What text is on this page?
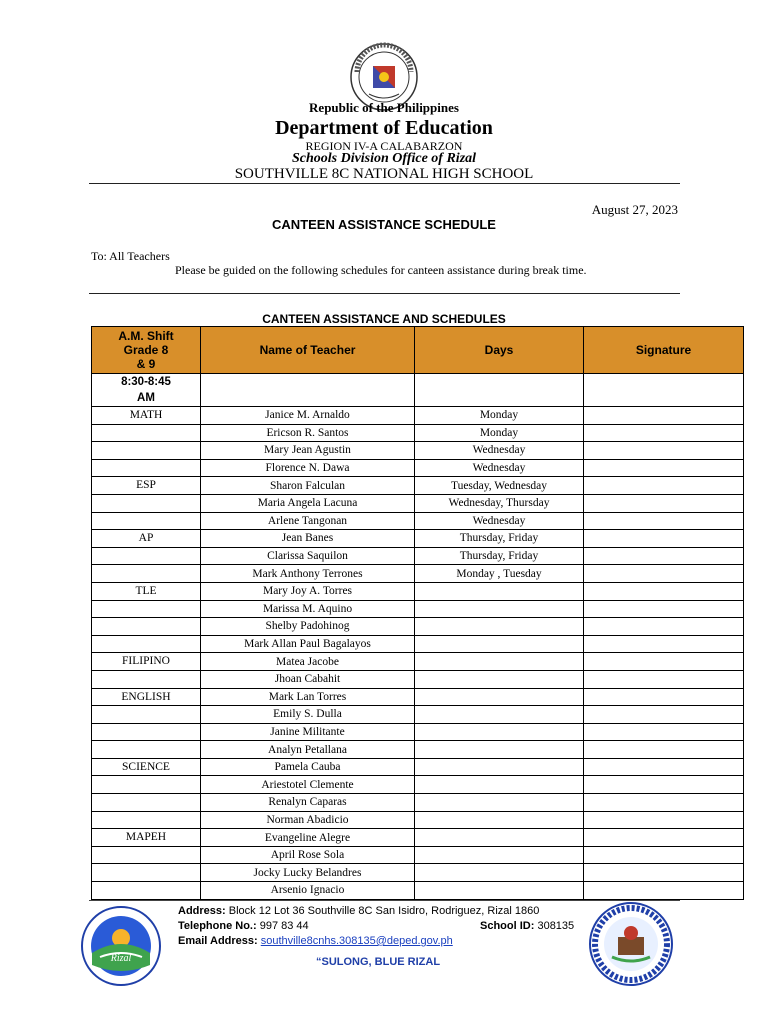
Republic of the Philippines
Department of Education
REGION IV-A CALABARZON
Schools Division Office of Rizal
SOUTHVILLE 8C NATIONAL HIGH SCHOOL
August 27, 2023
CANTEEN ASSISTANCE SCHEDULE
To: All Teachers
Please be guided on the following schedules for canteen assistance during break time.
CANTEEN ASSISTANCE AND SCHEDULES
A.M. Shift
Grade 8
& 9	Name of Teacher	Days	Signature
8:30-8:45
AM			
MATH	Janice M. Arnaldo	Monday	
	Ericson R. Santos	Monday	
	Mary Jean Agustin	Wednesday	
	Florence N. Dawa	Wednesday	
ESP	Sharon Falculan	Tuesday, Wednesday	
	Maria Angela Lacuna	Wednesday, Thursday	
	Arlene Tangonan	Wednesday	
AP	Jean Banes	Thursday, Friday	
	Clarissa Saquilon	Thursday, Friday	
	Mark Anthony Terrones	Monday , Tuesday	
TLE	Mary Joy A. Torres		
	Marissa M. Aquino		
	Shelby Padohinog		
	Mark Allan Paul Bagalayos		
FILIPINO	Matea Jacobe		
	Jhoan Cabahit		
ENGLISH	Mark Lan Torres		
	Emily S. Dulla		
	Janine Militante		
	Analyn Petallana		
SCIENCE	Pamela Cauba		
	Ariestotel Clemente		
	Renalyn Caparas		
	Norman Abadicio		
MAPEH	Evangeline Alegre		
	April Rose Sola		
	Jocky Lucky Belandres		
	Arsenio Ignacio		
Rizal
Address: Block 12 Lot 36 Southville 8C San Isidro, Rodriguez, Rizal 1860
Telephone No.: 997 83 44	School ID: 308135
Email Address: southville8cnhs.308135@deped.gov.ph
“SULONG, BLUE RIZAL
